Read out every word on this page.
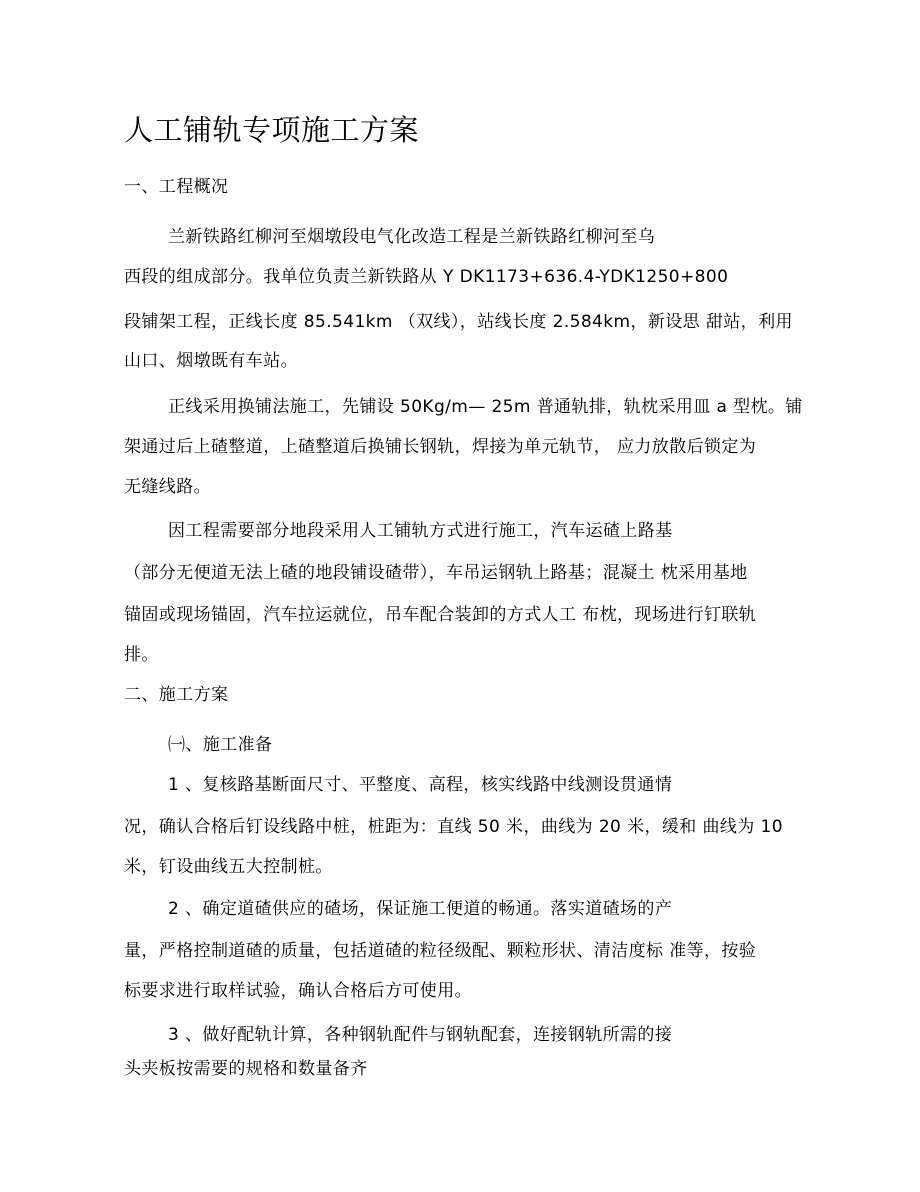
人工铺轨专项施工方案
一、工程概况
兰新铁路红柳河至烟墩段电气化改造工程是兰新铁路红柳河至乌
西段的组成部分。我单位负责兰新铁路从 Y DK1173+636.4-YDK1250+800
段铺架工程，正线长度 85.541km （双线），站线长度 2.584km，新设思 甜站，利用
山口、烟墩既有车站。
正线采用换铺法施工，先铺设 50Kg/m— 25m 普通轨排，轨枕采用皿 a 型枕。铺
架通过后上碴整道，上碴整道后换铺长钢轨，焊接为单元轨节， 应力放散后锁定为
无缝线路。
因工程需要部分地段采用人工铺轨方式进行施工，汽车运碴上路基
（部分无便道无法上碴的地段铺设碴带），车吊运钢轨上路基；混凝土 枕采用基地
锚固或现场锚固，汽车拉运就位，吊车配合装卸的方式人工 布枕，现场进行钉联轨
排。
二、施工方案
㈠、施工准备
1 、复核路基断面尺寸、平整度、高程，核实线路中线测设贯通情
况，确认合格后钉设线路中桩，桩距为：直线 50 米，曲线为 20 米，缓和 曲线为 10
米，钉设曲线五大控制桩。
2 、确定道碴供应的碴场，保证施工便道的畅通。落实道碴场的产
量，严格控制道碴的质量，包括道碴的粒径级配、颗粒形状、清洁度标 准等，按验
标要求进行取样试验，确认合格后方可使用。
3 、做好配轨计算，各种钢轨配件与钢轨配套，连接钢轨所需的接
头夹板按需要的规格和数量备齐
